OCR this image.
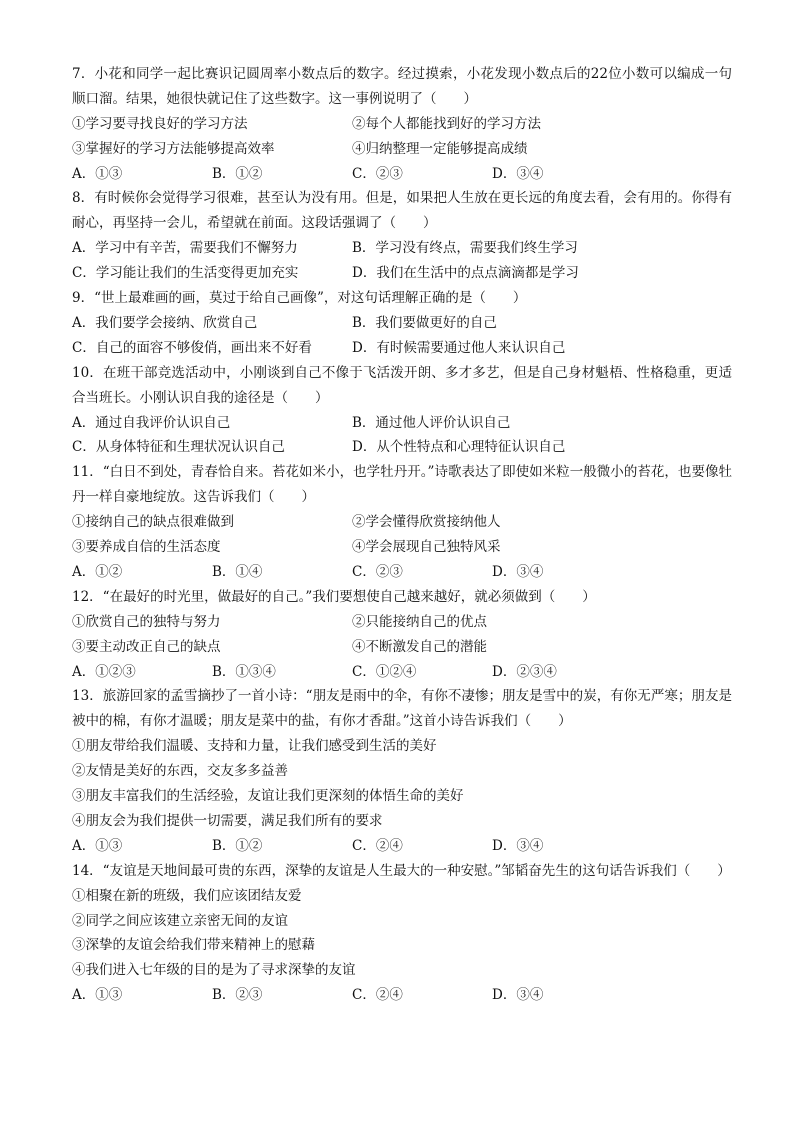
7．小花和同学一起比赛识记圆周率小数点后的数字。经过摸索，小花发现小数点后的22位小数可以编成一句顺口溜。结果，她很快就记住了这些数字。这一事例说明了（　　）
①学习要寻找良好的学习方法	②每个人都能找到好的学习方法
③掌握好的学习方法能够提高效率	④归纳整理一定能够提高成绩
A．①③	B．①②	C．②③	D．③④
8．有时候你会觉得学习很难，甚至认为没有用。但是，如果把人生放在更长远的角度去看，会有用的。你得有耐心，再坚持一会儿，希望就在前面。这段话强调了（　　）
A．学习中有辛苦，需要我们不懈努力	B．学习没有终点，需要我们终生学习
C．学习能让我们的生活变得更加充实	D．我们在生活中的点点滴滴都是学习
9．“世上最难画的画，莫过于给自己画像”，对这句话理解正确的是（　　）
A．我们要学会接纳、欣赏自己	B．我们要做更好的自己
C．自己的面容不够俊俏，画出来不好看	D．有时候需要通过他人来认识自己
10．在班干部竞选活动中，小刚谈到自己不像于飞活泼开朗、多才多艺，但是自己身材魁梧、性格稳重，更适合当班长。小刚认识自我的途径是（　　）
A．通过自我评价认识自己	B．通过他人评价认识自己
C．从身体特征和生理状况认识自己	D．从个性特点和心理特征认识自己
11．“白日不到处，青春恰自来。苔花如米小，也学牡丹开。”诗歌表达了即使如米粒一般微小的苔花，也要像牡丹一样自豪地绽放。这告诉我们（　　）
①接纳自己的缺点很难做到	②学会懂得欣赏接纳他人
③要养成自信的生活态度	④学会展现自己独特风采
A．①②	B．①④	C．②③	D．③④
12．“在最好的时光里，做最好的自己。”我们要想使自己越来越好，就必须做到（　　）
①欣赏自己的独特与努力	②只能接纳自己的优点
③要主动改正自己的缺点	④不断激发自己的潜能
A．①②③	B．①③④	C．①②④	D．②③④
13．旅游回家的孟雪摘抄了一首小诗：“朋友是雨中的伞，有你不凄惨；朋友是雪中的炭，有你无严寒；朋友是被中的棉，有你才温暖；朋友是菜中的盐，有你才香甜。”这首小诗告诉我们（　　）
①朋友带给我们温暖、支持和力量，让我们感受到生活的美好
②友情是美好的东西，交友多多益善
③朋友丰富我们的生活经验，友谊让我们更深刻的体悟生命的美好
④朋友会为我们提供一切需要，满足我们所有的要求
A．①③	B．①②	C．②④	D．③④
14．“友谊是天地间最可贵的东西，深挚的友谊是人生最大的一种安慰。”邹韬奋先生的这句话告诉我们（　　）
①相聚在新的班级，我们应该团结友爱
②同学之间应该建立亲密无间的友谊
③深挚的友谊会给我们带来精神上的慰藉
④我们进入七年级的目的是为了寻求深挚的友谊
A．①③	B．②③	C．②④	D．③④
